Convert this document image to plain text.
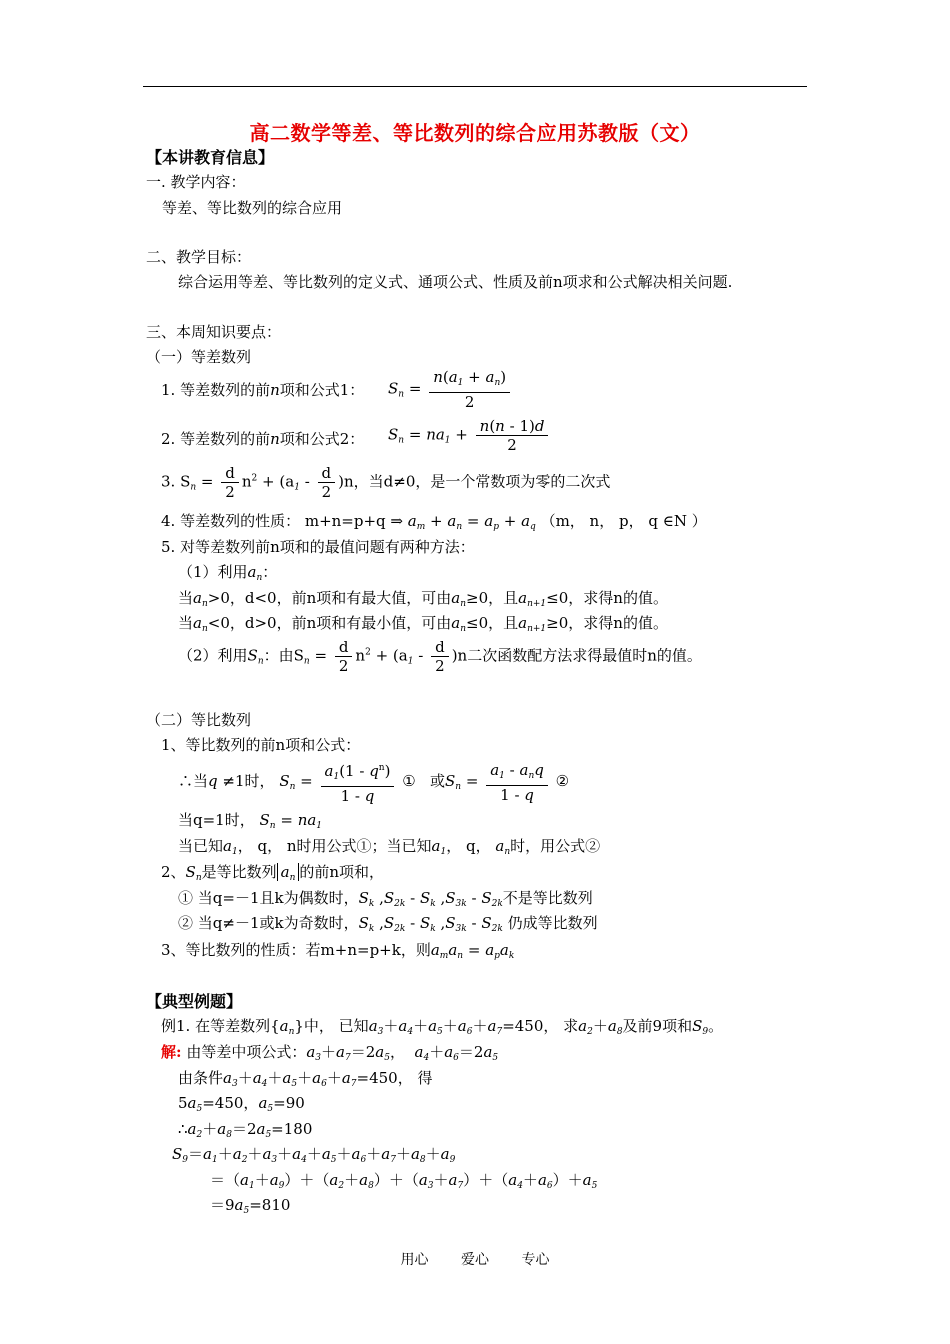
高二数学等差、等比数列的综合应用苏教版（文）
【本讲教育信息】
一. 教学内容：
等差、等比数列的综合应用
二、教学目标：
综合运用等差、等比数列的定义式、通项公式、性质及前n项求和公式解决相关问题.
三、本周知识要点：
（一）等差数列
1. 等差数列的前n项和公式1： $S_n = \frac{n(a_1 + a_n)}{2}$
2. 等差数列的前n项和公式2： $S_n = na_1 + \frac{n(n - 1)d}{2}$
3. $S_n = \frac{d}{2} n^2 + (a_1 - \frac{d}{2} )n$，当d≠0，是一个常数项为零的二次式
4. 等差数列的性质： m+n=p+q ⇒ $a_m + a_n = a_p + a_q$ （m， n， p， q ∈N ）
5. 对等差数列前n项和的最值问题有两种方法：
（1）利用$a_n$：
当$a_n>0$，d<0，前n项和有最大值，可由$a_n\ge 0$，且$a_{n+1}\le 0$，求得n的值。
当$a_n<0$，d>0，前n项和有最小值，可由$a_n\le 0$，且$a_{n+1}\ge 0$，求得n的值。
（2）利用$S_n$：由$S_n = \frac{d}{2} n^2 + (a_1 - \frac{d}{2} )n$二次函数配方法求得最值时n的值。
（二）等比数列
1、等比数列的前n项和公式：
∴当q ≠1时， $S_n = \frac{a_1(1 - q^n)}{1 - q}$ ① 或$S_n = \frac{a_1 - a_nq}{1 - q}$ ②
当q=1时， $S_n = na_1$
当已知$a_1$， q， n时用公式①；当已知$a_1$， q， $a_n$时，用公式②
2、$S_n$是等比数列 $a_n$ 的前n项和，
① 当q=－1且k为偶数时，$S_k$ $,S_{2k} - S_k$ $,S_{3k} - S_{2k}$不是等比数列
② 当q≠－1或k为奇数时，$S_k$ $,S_{2k} - S_k$ $,S_{3k} - S_{2k}$ 仍成等比数列
3、等比数列的性质：若m+n=p+k，则$a_ma_n = a_pa_k$
【典型例题】
例1. 在等差数列$\{a_n\}$中， 已知$a_3+a_4+a_5+a_6+a_7=450$， 求$a_2+a_8$及前9项和$S_9$。
解: 由等差中项公式：$a_3+a_7=2a_5$，  $a_4+a_6=2a_5$
由条件$a_3+a_4+a_5+a_6+a_7=450$， 得
$5a_5=450$，$a_5=90$
$\therefore a_2+a_8=2a_5=180$
$S_9=a_1+a_2+a_3+a_4+a_5+a_6+a_7+a_8+a_9$
$=(a_1+a_9)+(a_2+a_8)+(a_3+a_7)+(a_4+a_6)+a_5$
$=9a_5=810$
用心 爱心 专心
